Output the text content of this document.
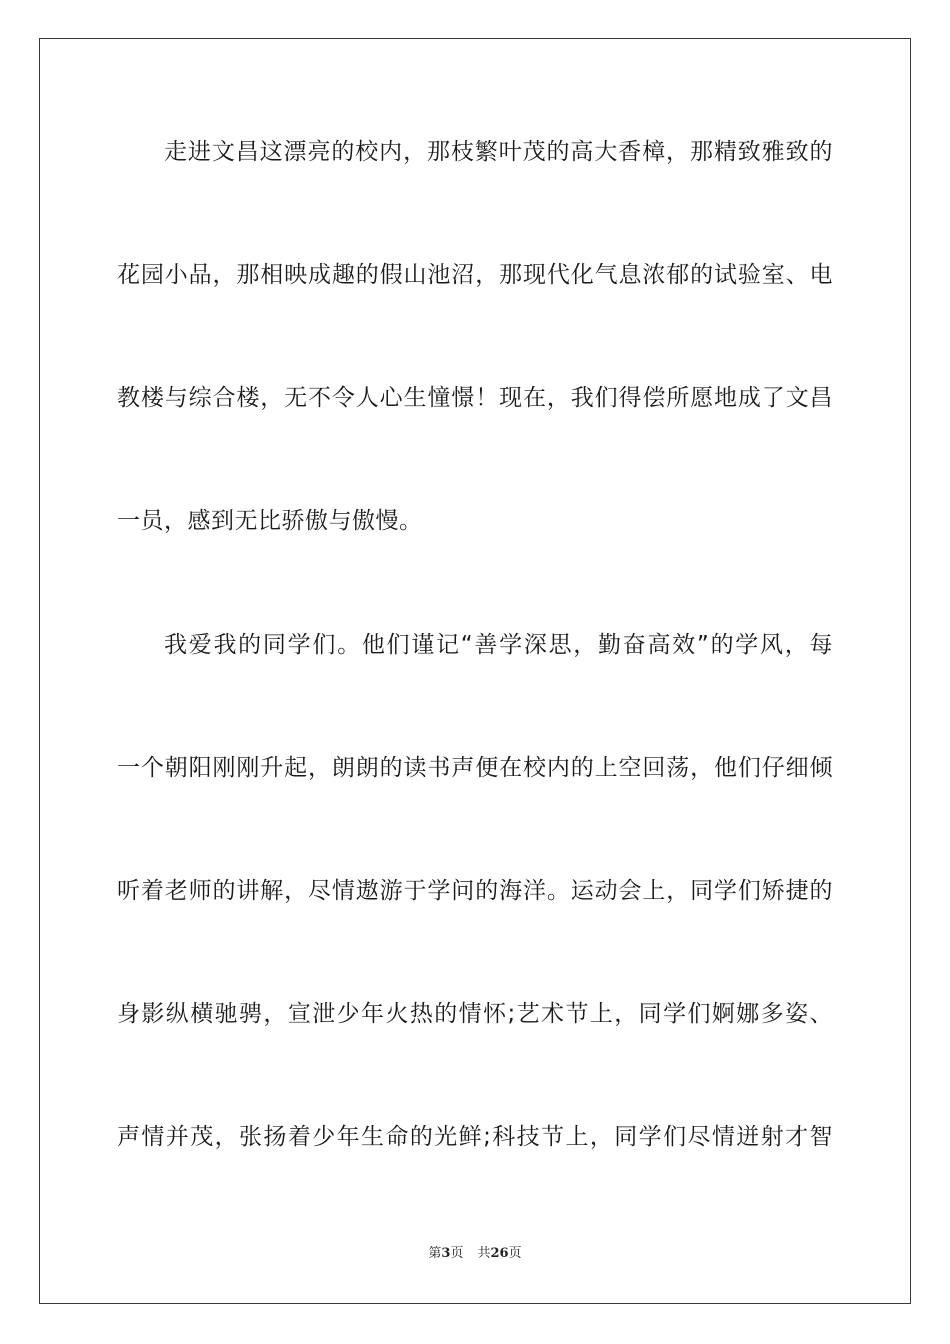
走进文昌这漂亮的校内，那枝繁叶茂的高大香樟，那精致雅致的
花园小品，那相映成趣的假山池沼，那现代化气息浓郁的试验室、电
教楼与综合楼，无不令人心生憧憬！现在，我们得偿所愿地成了文昌
一员，感到无比骄傲与傲慢。
我爱我的同学们。他们谨记“善学深思，勤奋高效”的学风，每
一个朝阳刚刚升起，朗朗的读书声便在校内的上空回荡，他们仔细倾
听着老师的讲解，尽情遨游于学问的海洋。运动会上，同学们矫捷的
身影纵横驰骋，宣泄少年火热的情怀;艺术节上，同学们婀娜多姿、
声情并茂，张扬着少年生命的光鲜;科技节上，同学们尽情迸射才智
第3页 共26页
